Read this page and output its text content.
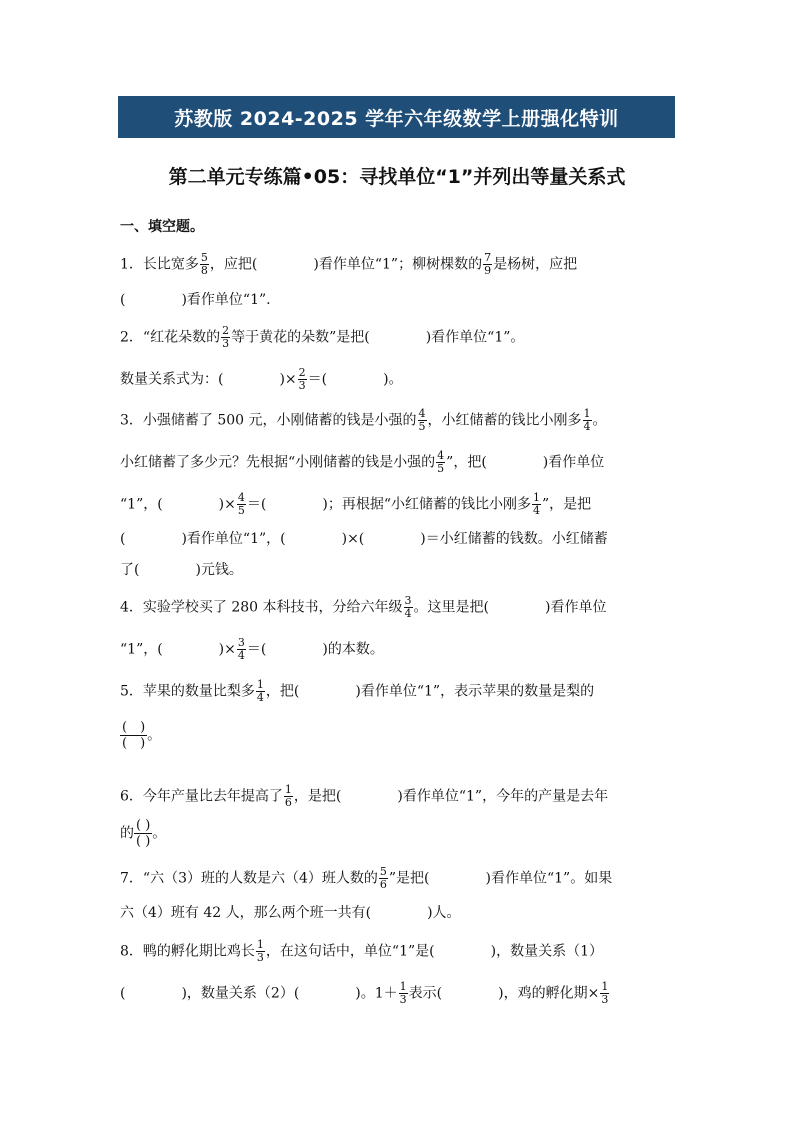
苏教版 2024-2025 学年六年级数学上册强化特训
第二单元专练篇•05：寻找单位“1”并列出等量关系式
一、填空题。
1．长比宽多 $\frac{5}{8}$ ，应把(　　　　)看作单位“1”；柳树棵数的 $\frac{7}{9}$ 是杨树，应把
(　　　　)看作单位“1”.
2．“红花朵数的 $\frac{2}{3}$ 等于黄花的朵数”是把(　　　　)看作单位“1”。
数量关系式为：(　　　　)× $\frac{2}{3}$ ＝(　　　　)。
3．小强储蓄了 500 元，小刚储蓄的钱是小强的 $\frac{4}{5}$ ，小红储蓄的钱比小刚多 $\frac{1}{4}$ 。
小红储蓄了多少元？先根据“小刚储蓄的钱是小强的 $\frac{4}{5}$ ”，把(　　　　)看作单位
“1”，(　　　　)× $\frac{4}{5}$ ＝(　　　　)；再根据“小红储蓄的钱比小刚多 $\frac{1}{4}$ ”，是把
(　　　　)看作单位“1”，(　　　　)×(　　　　)＝小红储蓄的钱数。小红储蓄
了(　　　　)元钱。
4．实验学校买了 280 本科技书，分给六年级 $\frac{3}{4}$ 。这里是把(　　　　)看作单位
“1”，(　　　　)× $\frac{3}{4}$ ＝(　　　　)的本数。
5．苹果的数量比梨多 $\frac{1}{4}$ ，把(　　　　)看作单位“1”，表示苹果的数量是梨的
(　)
(　) 。
6．今年产量比去年提高了 $\frac{1}{6}$ ，是把(　　　　)看作单位“1”，今年的产量是去年
的 ( )
( ) 。
7．“六（3）班的人数是六（4）班人数的 $\frac{5}{6}$ ”是把(　　　　)看作单位“1”。如果
六（4）班有 42 人，那么两个班一共有(　　　　)人。
8．鸭的孵化期比鸡长 $\frac{1}{3}$ ，在这句话中，单位“1”是(　　　　)，数量关系（1）
(　　　　)，数量关系（2）(　　　　)。$1+ \frac{1}{3}$ 表示(　　　　)，鸡的孵化期× $\frac{1}{3}$
